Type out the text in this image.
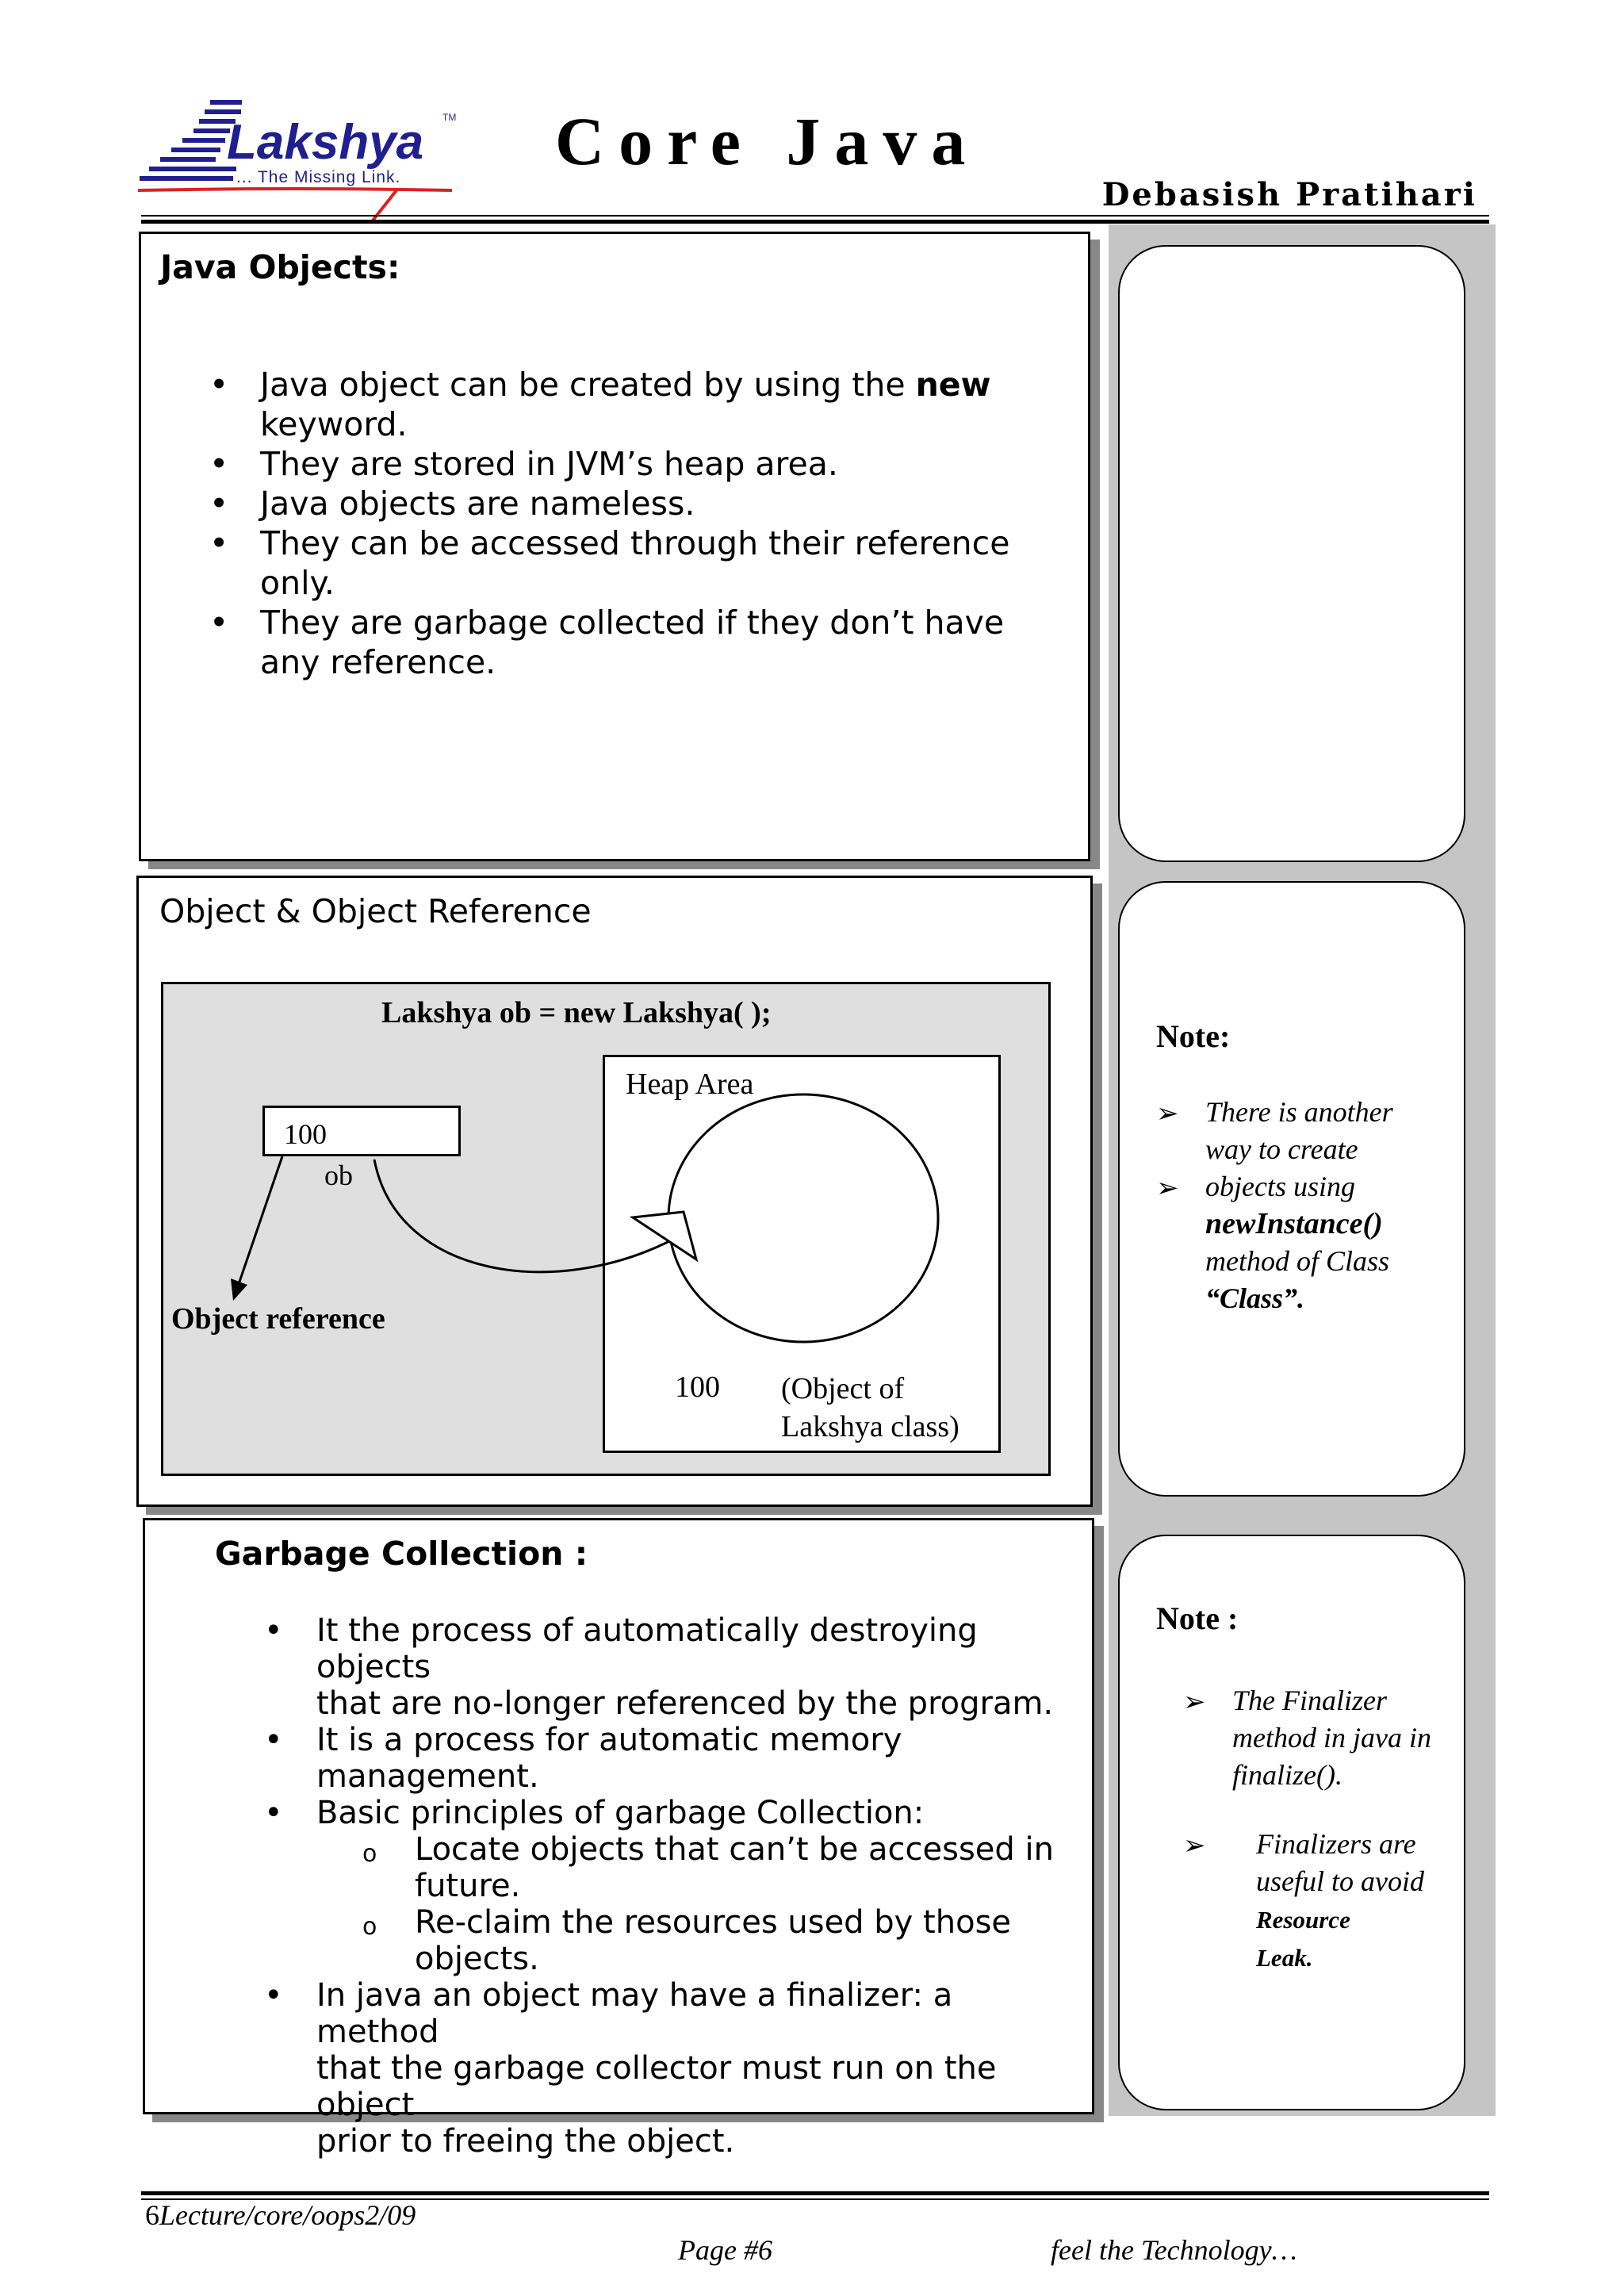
Lakshya TM
... The Missing Link. Core Java
Debasish Pratihari
Note:
➢ There is another
way to create
➢ objects using
newInstance()
method of Class
“Class”.
Note :
➢ The Finalizer
method in java in
finalize().
➢ Finalizers are
useful to avoid
Resource
Leak.
Java Objects:
• Java object can be created by using the new
keyword.
• They are stored in JVM’s heap area.
• Java objects are nameless.
• They can be accessed through their reference
only.
• They are garbage collected if they don’t have
any reference.
Object & Object Reference
Lakshya ob = new Lakshya( );
100
ob
Object reference
Heap Area
100 (Object of
Lakshya class)
Garbage Collection :
• It the process of automatically destroying objects
that are no-longer referenced by the program.
• It is a process for automatic memory
management.
• Basic principles of garbage Collection:
o Locate objects that can’t be accessed in
future.
o Re-claim the resources used by those
objects.
• In java an object may have a finalizer: a method
that the garbage collector must run on the object
prior to freeing the object.
6Lecture/core/oops2/09
Page #6	feel the Technology…
